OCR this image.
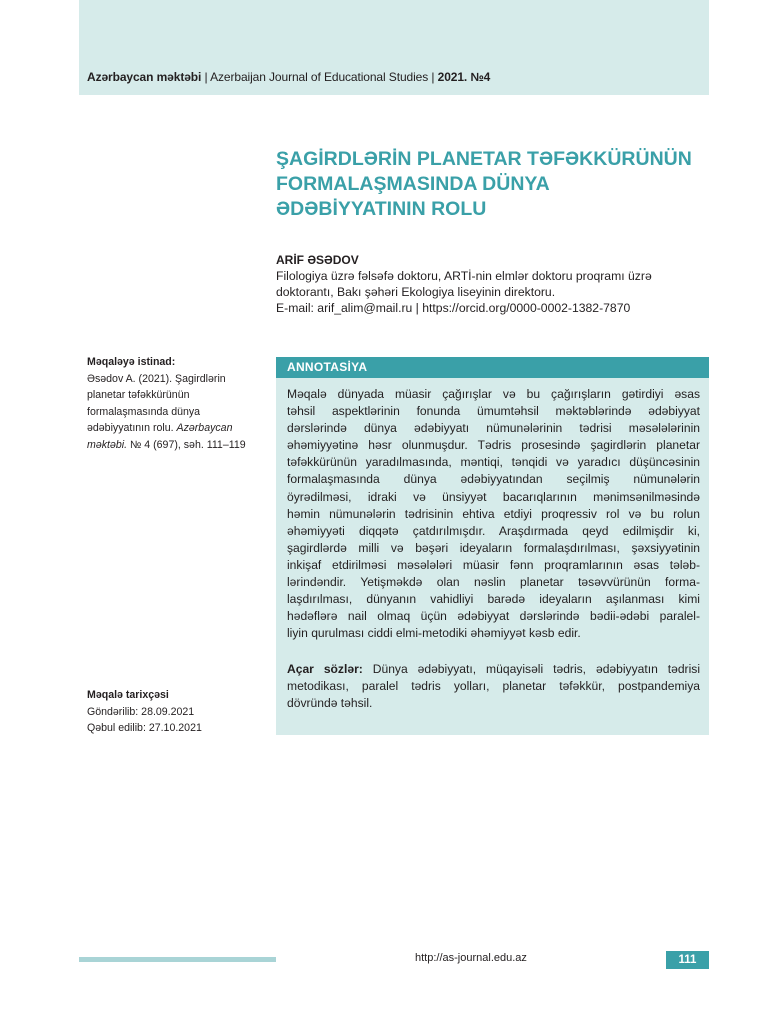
Azərbaycan məktəbi | Azerbaijan Journal of Educational Studies | 2021. №4
ŞAGİRDLƏRİN PLANETAR TƏFƏKKÜRÜNÜN
FORMALAŞMASINDA DÜNYA
ƏDƏBİYYATININ ROLU
ARİF ƏSƏDOV
Filologiya üzrə fəlsəfə doktoru, ARTİ-nin elmlər doktoru proqramı üzrə
doktorantı, Bakı şəhəri Ekologiya liseyinin direktoru.
E-mail: arif_alim@mail.ru | https://orcid.org/0000-0002-1382-7870
Məqaləyə istinad:
Əsədov A. (2021). Şagirdlərin
planetar təfəkkürünün
formalaşmasında dünya
ədəbiyyatının rolu. Azərbaycan
məktəbi. № 4 (697), səh. 111–119
Məqalə tarixçəsi
Göndərilib: 28.09.2021
Qəbul edilib: 27.10.2021
ANNOTASİYA
Məqalə dünyada müasir çağırışlar və bu çağırışların gətirdiyi əsas
təhsil aspektlərinin fonunda ümumtəhsil məktəblərində ədəbiyyat
dərslərində dünya ədəbiyyatı nümunələrinin tədrisi məsələlərinin
əhəmiyyətinə həsr olunmuşdur. Tədris prosesində şagirdlərin planetar
təfəkkürünün yaradılmasında, məntiqi, tənqidi və yaradıcı düşüncəsinin
formalaşmasında dünya ədəbiyyatından seçilmiş nümunələrin
öyrədilməsi, idraki və ünsiyyət bacarıqlarının mənimsənilməsində
həmin nümunələrin tədrisinin ehtiva etdiyi proqressiv rol və bu rolun
əhəmiyyəti diqqətə çatdırılmışdır. Araşdırmada qeyd edilmişdir ki,
şagirdlərdə milli və bəşəri ideyaların formalaşdırılması, şəxsiyyətinin
inkişaf etdirilməsi məsələləri müasir fənn proqramlarının əsas tələb-
lərindəndir. Yetişməkdə olan nəslin planetar təsəvvürünün forma-
laşdırılması, dünyanın vahidliyi barədə ideyaların aşılanması kimi
hədəflərə nail olmaq üçün ədəbiyyat dərslərində bədii-ədəbi paralel-
liyin qurulması ciddi elmi-metodiki əhəmiyyət kəsb edir.
Açar sözlər: Dünya ədəbiyyatı, müqayisəli tədris, ədəbiyyatın tədrisi
metodikası, paralel tədris yolları, planetar təfəkkür, postpandemiya
dövründə təhsil.
http://as-journal.edu.az	111
